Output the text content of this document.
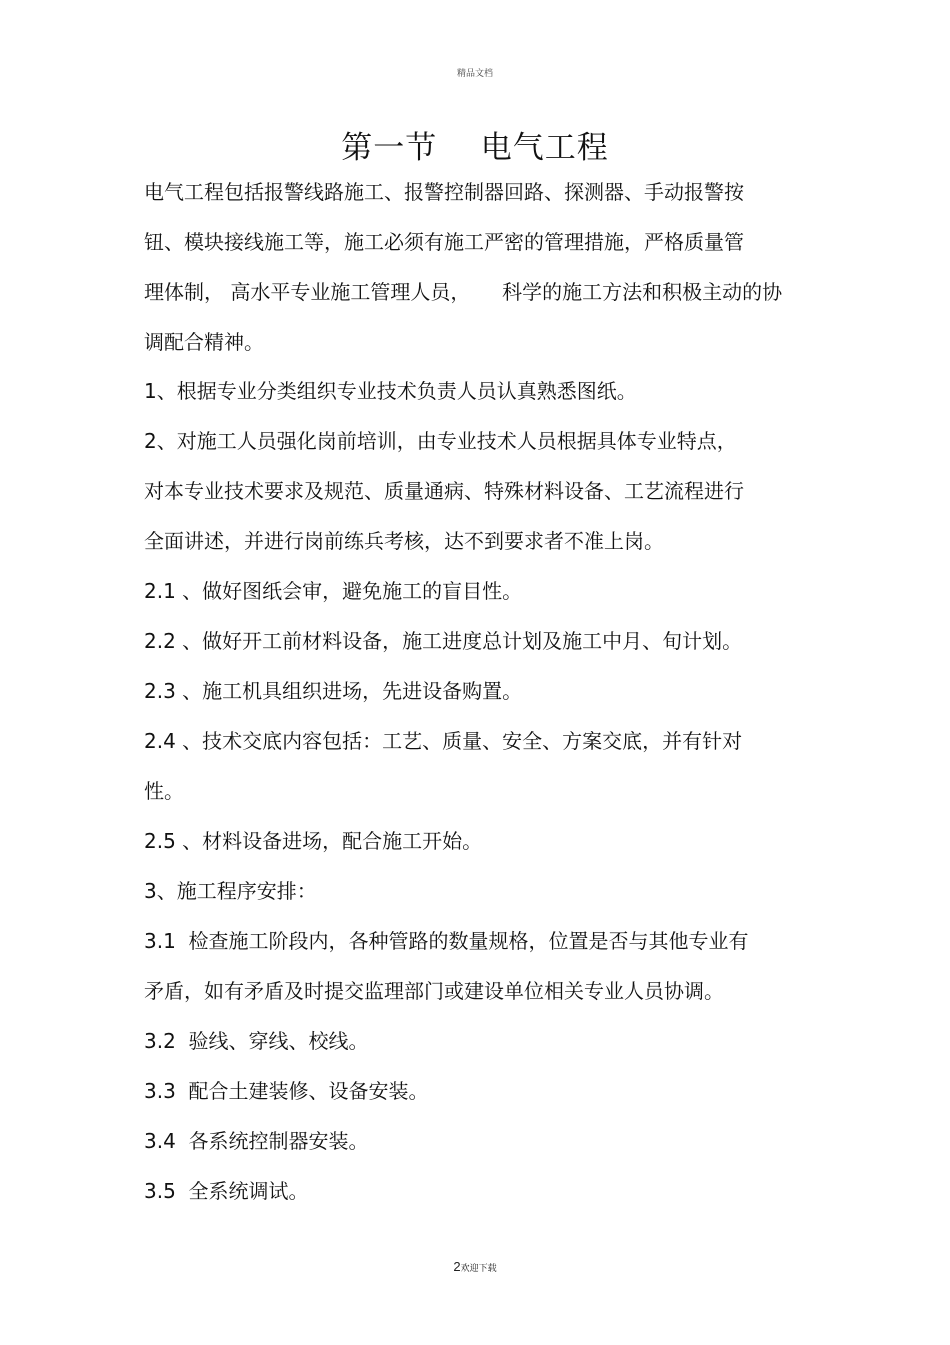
精品文档
第一节    电气工程
电气工程包括报警线路施工、报警控制器回路、探测器、手动报警按
钮、模块接线施工等，施工必须有施工严密的管理措施，严格质量管
理体制， 高水平专业施工管理人员，     科学的施工方法和积极主动的协
调配合精神。
1、根据专业分类组织专业技术负责人员认真熟悉图纸。
2、对施工人员强化岗前培训，由专业技术人员根据具体专业特点，
对本专业技术要求及规范、质量通病、特殊材料设备、工艺流程进行
全面讲述，并进行岗前练兵考核，达不到要求者不准上岗。
2.1 、做好图纸会审，避免施工的盲目性。
2.2 、做好开工前材料设备，施工进度总计划及施工中月、旬计划。
2.3 、施工机具组织进场，先进设备购置。
2.4 、技术交底内容包括：工艺、质量、安全、方案交底，并有针对
性。
2.5 、材料设备进场，配合施工开始。
3、施工程序安排：
3.1  检查施工阶段内，各种管路的数量规格，位置是否与其他专业有
矛盾，如有矛盾及时提交监理部门或建设单位相关专业人员协调。
3.2  验线、穿线、校线。
3.3  配合土建装修、设备安装。
3.4  各系统控制器安装。
3.5  全系统调试。
2欢迎下载
